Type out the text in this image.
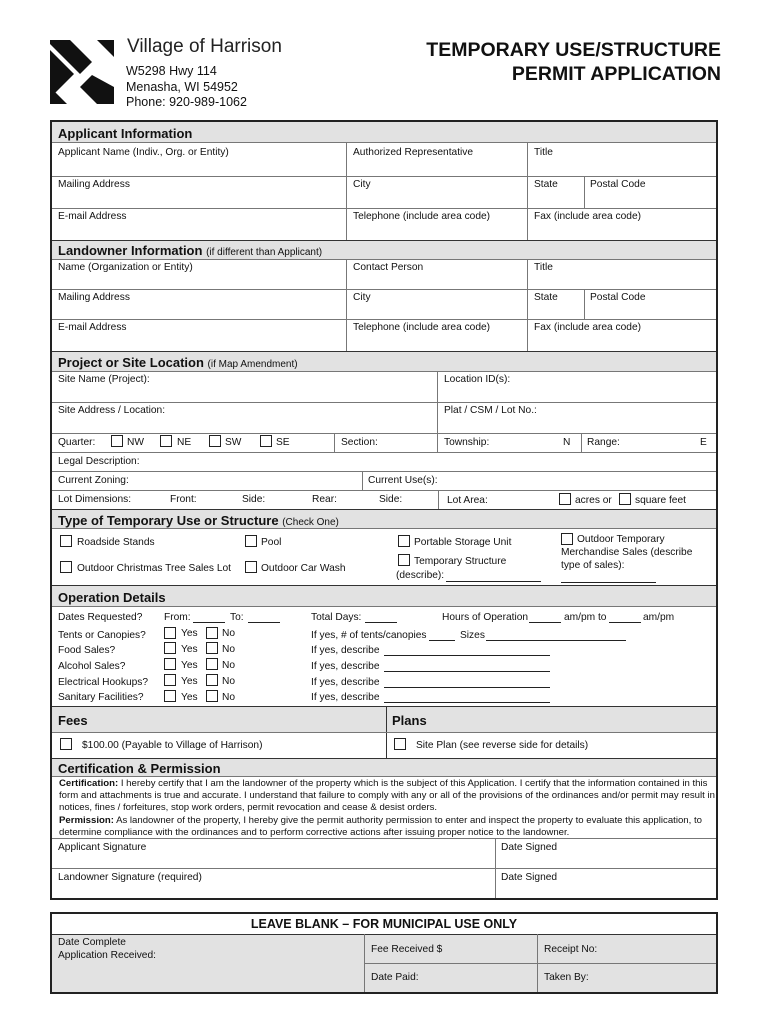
Village of Harrison
W5298 Hwy 114
Menasha, WI 54952
Phone: 920-989-1062
TEMPORARY USE/STRUCTURE
PERMIT APPLICATION
Applicant Information
Applicant Name (Indiv., Org. or Entity)	Authorized Representative	Title
Mailing Address	City	State	Postal Code
E-mail Address	Telephone (include area code)	Fax (include area code)
Landowner Information (if different than Applicant)
Name (Organization or Entity)	Contact Person	Title
Mailing Address	City	State	Postal Code
E-mail Address	Telephone (include area code)	Fax (include area code)
Project or Site Location (if Map Amendment)
Site Name (Project):	Location ID(s):
Site Address / Location:	Plat / CSM / Lot No.:
Quarter:	NW	NE	SW	SE	Section:	Township:	N Range:	E
Legal Description:
Current Zoning:	Current Use(s):
Lot Dimensions:	Front:	Side:	Rear:	Side:	Lot Area:	acres or square feet
Type of Temporary Use or Structure (Check One)
Roadside Stands	Pool	Portable Storage Unit	Outdoor Temporary
Merchandise Sales (describe
type of sales):
Outdoor Christmas Tree Sales Lot	Outdoor Car Wash
Temporary Structure
(describe):
Operation Details
Dates Requested? From:	To:	Total Days:	Hours of Operation	am/pm to	am/pm
Tents or Canopies?	Yes No	If yes, # of tents/canopies	Sizes
Food Sales?	Yes No	If yes, describe
Alcohol Sales?	Yes No	If yes, describe
Electrical Hookups?	Yes No	If yes, describe
Sanitary Facilities?	Yes No	If yes, describe
Fees	Plans
$100.00 (Payable to Village of Harrison)	Site Plan (see reverse side for details)
Certification & Permission
Certification: I hereby certify that I am the landowner of the property which is the subject of this Application. I certify that the information contained in this form and attachments is true and accurate. I understand that failure to comply with any or all of the provisions of the ordinances and/or permit may result in notices, fines / forfeitures, stop work orders, permit revocation and cease & desist orders.
Permission: As landowner of the property, I hereby give the permit authority permission to enter and inspect the property to evaluate this application, to determine compliance with the ordinances and to perform corrective actions after issuing proper notice to the landowner.
Applicant Signature	Date Signed
Landowner Signature (required)	Date Signed
LEAVE BLANK – FOR MUNICIPAL USE ONLY
Date Complete
Application Received:
Fee Received $	Receipt No:
Date Paid:	Taken By:
